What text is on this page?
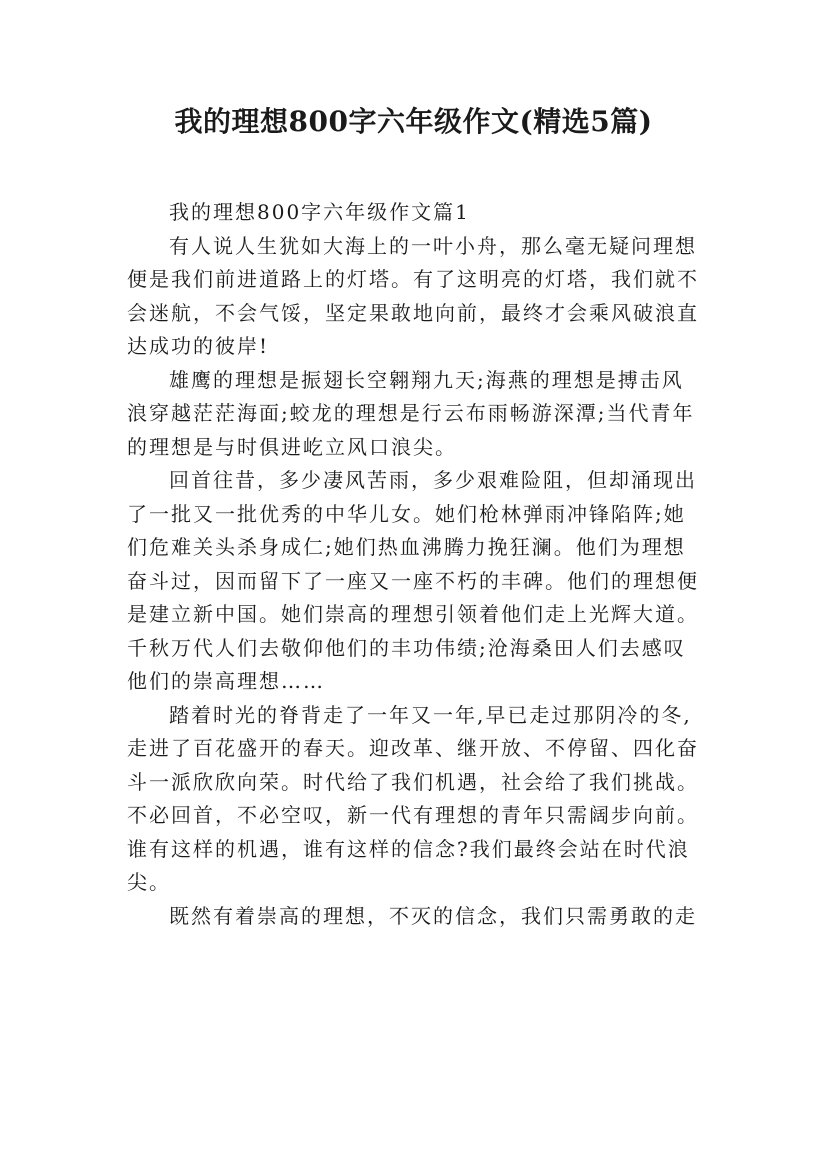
我的理想800字六年级作文(精选5篇)

我的理想800字六年级作文篇1

有人说人生犹如大海上的一叶小舟，那么毫无疑问理想
便是我们前进道路上的灯塔。有了这明亮的灯塔，我们就不
会迷航，不会气馁，坚定果敢地向前，最终才会乘风破浪直
达成功的彼岸!

雄鹰的理想是振翅长空翱翔九天;海燕的理想是搏击风
浪穿越茫茫海面;蛟龙的理想是行云布雨畅游深潭;当代青年
的理想是与时俱进屹立风口浪尖。

回首往昔，多少凄风苦雨，多少艰难险阻，但却涌现出
了一批又一批优秀的中华儿女。她们枪林弹雨冲锋陷阵;她
们危难关头杀身成仁;她们热血沸腾力挽狂澜。他们为理想
奋斗过，因而留下了一座又一座不朽的丰碑。他们的理想便
是建立新中国。她们崇高的理想引领着他们走上光辉大道。
千秋万代人们去敬仰他们的丰功伟绩;沧海桑田人们去感叹
他们的崇高理想……

踏着时光的脊背走了一年又一年,早已走过那阴冷的冬,
走进了百花盛开的春天。迎改革、继开放、不停留、四化奋
斗一派欣欣向荣。时代给了我们机遇，社会给了我们挑战。
不必回首，不必空叹，新一代有理想的青年只需阔步向前。
谁有这样的机遇，谁有这样的信念?我们最终会站在时代浪
尖。

既然有着崇高的理想，不灭的信念，我们只需勇敢的走
